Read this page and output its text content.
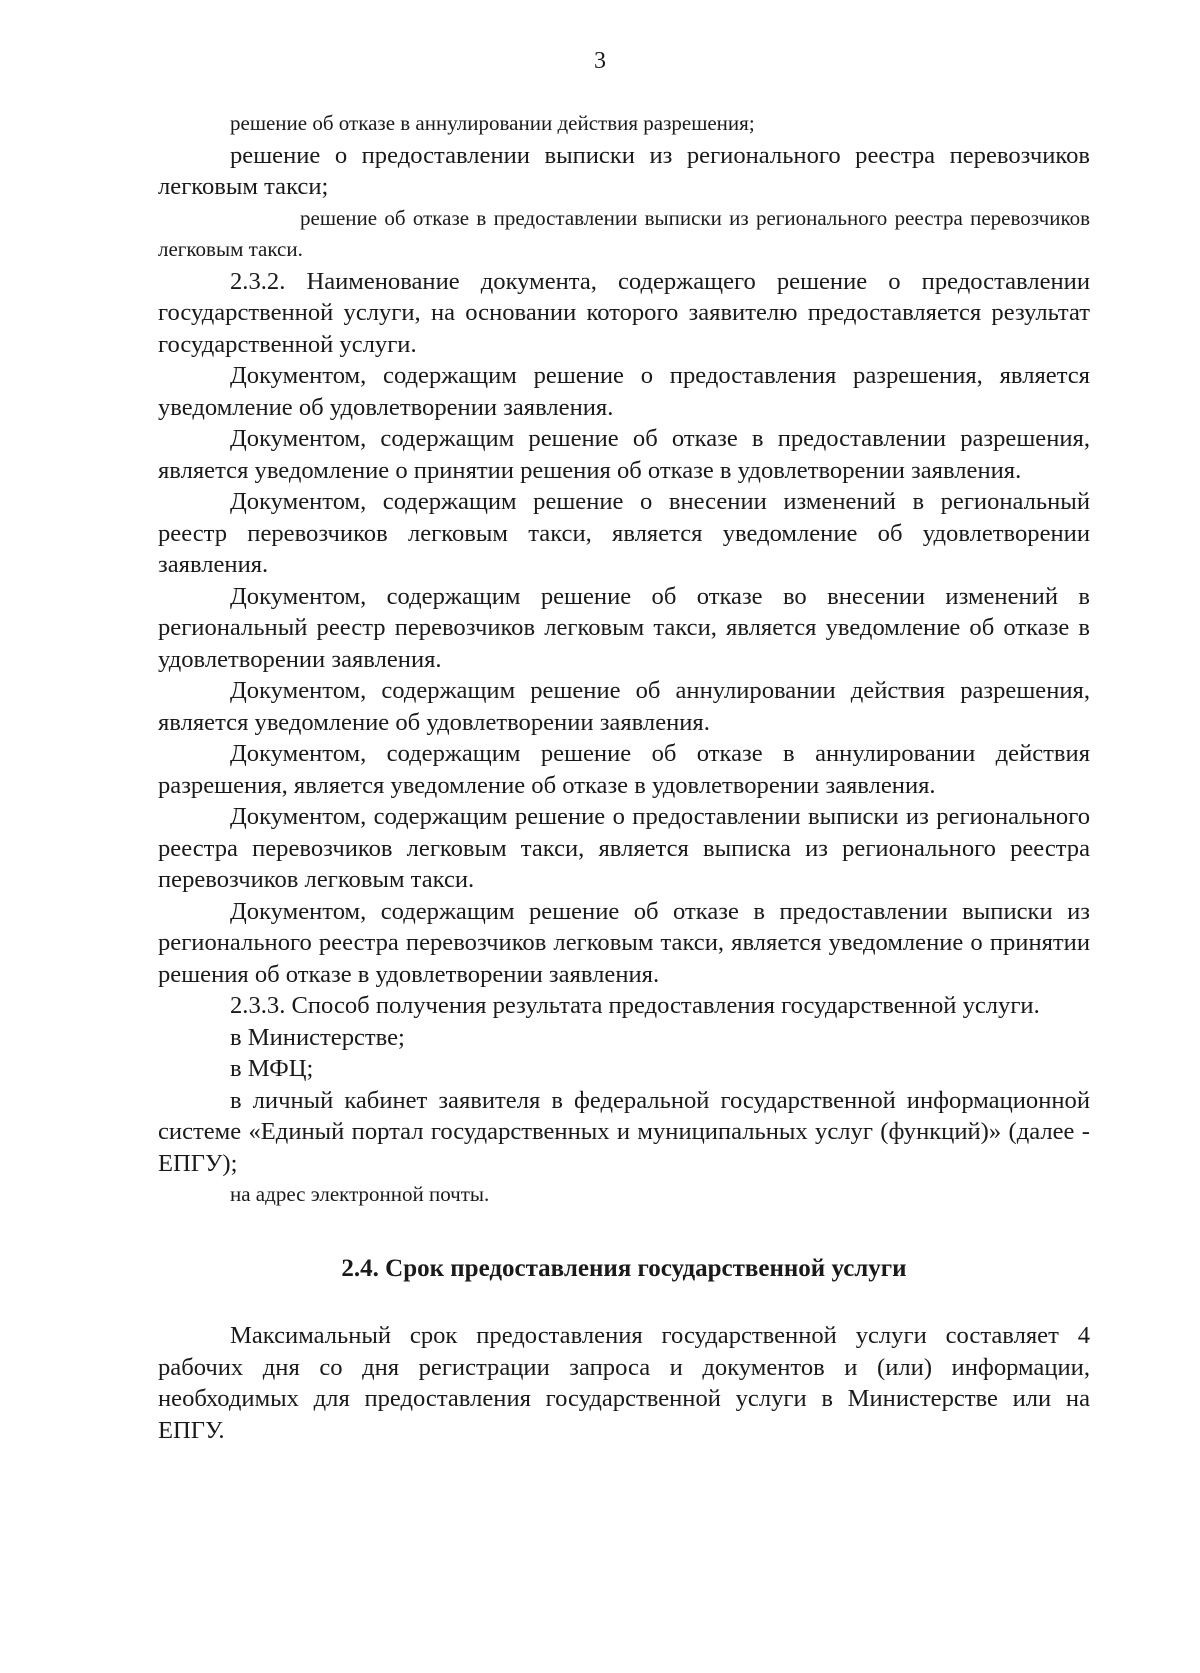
3

решение об отказе в аннулировании действия разрешения;

решение о предоставлении выписки из регионального реестра перевозчиков легковым такси;

решение об отказе в предоставлении выписки из регионального реестра перевозчиков легковым такси.

2.3.2. Наименование документа, содержащего решение о предоставлении государственной услуги, на основании которого заявителю предоставляется результат государственной услуги.

Документом, содержащим решение о предоставления разрешения, является уведомление об удовлетворении заявления.

Документом, содержащим решение об отказе в предоставлении разрешения, является уведомление о принятии решения об отказе в удовлетворении заявления.

Документом, содержащим решение о внесении изменений в региональный реестр перевозчиков легковым такси, является уведомление об удовлетворении заявления.

Документом, содержащим решение об отказе во внесении изменений в региональный реестр перевозчиков легковым такси, является уведомление об отказе в удовлетворении заявления.

Документом, содержащим решение об аннулировании действия разрешения, является уведомление об удовлетворении заявления.

Документом, содержащим решение об отказе в аннулировании действия разрешения, является уведомление об отказе в удовлетворении заявления.

Документом, содержащим решение о предоставлении выписки из регионального реестра перевозчиков легковым такси, является выписка из регионального реестра перевозчиков легковым такси.

Документом, содержащим решение об отказе в предоставлении выписки из регионального реестра перевозчиков легковым такси, является уведомление о принятии решения об отказе в удовлетворении заявления.

2.3.3. Способ получения результата предоставления государственной услуги.

в Министерстве;

в МФЦ;

в личный кабинет заявителя в федеральной государственной информационной системе «Единый портал государственных и муниципальных услуг (функций)» (далее - ЕПГУ);

на адрес электронной почты.

2.4. Срок предоставления государственной услуги

Максимальный срок предоставления государственной услуги составляет 4 рабочих дня со дня регистрации запроса и документов и (или) информации, необходимых для предоставления государственной услуги в Министерстве или на ЕПГУ.
